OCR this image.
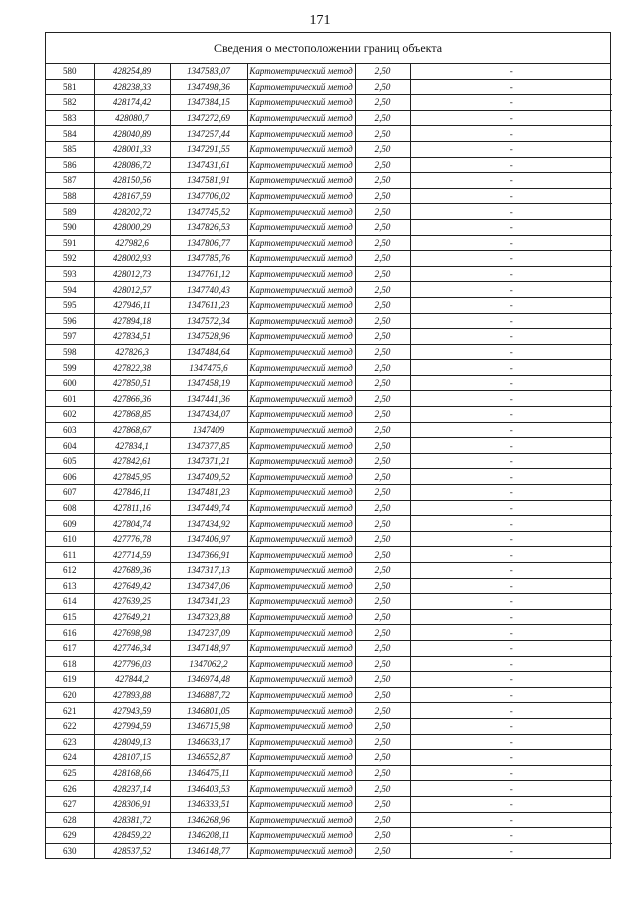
171
Сведения о местоположении границ объекта
580	428254,89	1347583,07	Картометрический метод	2,50	-
581	428238,33	1347498,36	Картометрический метод	2,50	-
582	428174,42	1347384,15	Картометрический метод	2,50	-
583	428080,7	1347272,69	Картометрический метод	2,50	-
584	428040,89	1347257,44	Картометрический метод	2,50	-
585	428001,33	1347291,55	Картометрический метод	2,50	-
586	428086,72	1347431,61	Картометрический метод	2,50	-
587	428150,56	1347581,91	Картометрический метод	2,50	-
588	428167,59	1347706,02	Картометрический метод	2,50	-
589	428202,72	1347745,52	Картометрический метод	2,50	-
590	428000,29	1347826,53	Картометрический метод	2,50	-
591	427982,6	1347806,77	Картометрический метод	2,50	-
592	428002,93	1347785,76	Картометрический метод	2,50	-
593	428012,73	1347761,12	Картометрический метод	2,50	-
594	428012,57	1347740,43	Картометрический метод	2,50	-
595	427946,11	1347611,23	Картометрический метод	2,50	-
596	427894,18	1347572,34	Картометрический метод	2,50	-
597	427834,51	1347528,96	Картометрический метод	2,50	-
598	427826,3	1347484,64	Картометрический метод	2,50	-
599	427822,38	1347475,6	Картометрический метод	2,50	-
600	427850,51	1347458,19	Картометрический метод	2,50	-
601	427866,36	1347441,36	Картометрический метод	2,50	-
602	427868,85	1347434,07	Картометрический метод	2,50	-
603	427868,67	1347409	Картометрический метод	2,50	-
604	427834,1	1347377,85	Картометрический метод	2,50	-
605	427842,61	1347371,21	Картометрический метод	2,50	-
606	427845,95	1347409,52	Картометрический метод	2,50	-
607	427846,11	1347481,23	Картометрический метод	2,50	-
608	427811,16	1347449,74	Картометрический метод	2,50	-
609	427804,74	1347434,92	Картометрический метод	2,50	-
610	427776,78	1347406,97	Картометрический метод	2,50	-
611	427714,59	1347366,91	Картометрический метод	2,50	-
612	427689,36	1347317,13	Картометрический метод	2,50	-
613	427649,42	1347347,06	Картометрический метод	2,50	-
614	427639,25	1347341,23	Картометрический метод	2,50	-
615	427649,21	1347323,88	Картометрический метод	2,50	-
616	427698,98	1347237,09	Картометрический метод	2,50	-
617	427746,34	1347148,97	Картометрический метод	2,50	-
618	427796,03	1347062,2	Картометрический метод	2,50	-
619	427844,2	1346974,48	Картометрический метод	2,50	-
620	427893,88	1346887,72	Картометрический метод	2,50	-
621	427943,59	1346801,05	Картометрический метод	2,50	-
622	427994,59	1346715,98	Картометрический метод	2,50	-
623	428049,13	1346633,17	Картометрический метод	2,50	-
624	428107,15	1346552,87	Картометрический метод	2,50	-
625	428168,66	1346475,11	Картометрический метод	2,50	-
626	428237,14	1346403,53	Картометрический метод	2,50	-
627	428306,91	1346333,51	Картометрический метод	2,50	-
628	428381,72	1346268,96	Картометрический метод	2,50	-
629	428459,22	1346208,11	Картометрический метод	2,50	-
630	428537,52	1346148,77	Картометрический метод	2,50	-
